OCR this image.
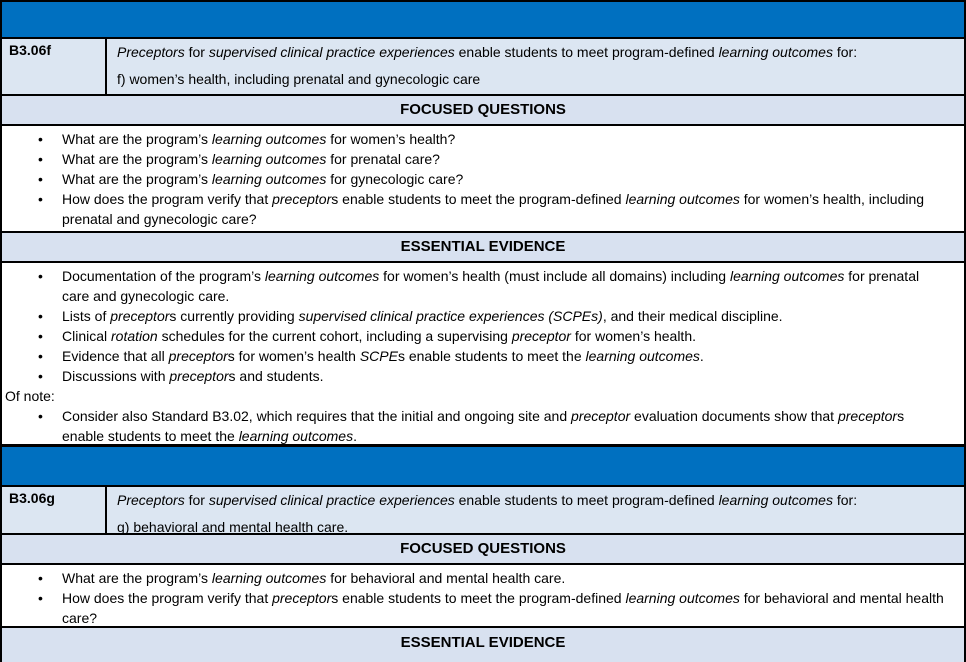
B3.06f	Preceptors for supervised clinical practice experiences enable students to meet program-defined learning outcomes for:

f) women’s health, including prenatal and gynecologic care

FOCUSED QUESTIONS
• What are the program’s learning outcomes for women’s health?
• What are the program’s learning outcomes for prenatal care?
• What are the program’s learning outcomes for gynecologic care?
• How does the program verify that preceptors enable students to meet the program-defined learning outcomes for women’s health, including prenatal and gynecologic care?
ESSENTIAL EVIDENCE
• Documentation of the program’s learning outcomes for women’s health (must include all domains) including learning outcomes for prenatal care and gynecologic care.
• Lists of preceptors currently providing supervised clinical practice experiences (SCPEs), and their medical discipline.
• Clinical rotation schedules for the current cohort, including a supervising preceptor for women’s health.
• Evidence that all preceptors for women’s health SCPEs enable students to meet the learning outcomes.
• Discussions with preceptors and students.
Of note:
• Consider also Standard B3.02, which requires that the initial and ongoing site and preceptor evaluation documents show that preceptors enable students to meet the learning outcomes.
B3.06g	Preceptors for supervised clinical practice experiences enable students to meet program-defined learning outcomes for:

g) behavioral and mental health care.

FOCUSED QUESTIONS
• What are the program’s learning outcomes for behavioral and mental health care.
• How does the program verify that preceptors enable students to meet the program-defined learning outcomes for behavioral and mental health care?
ESSENTIAL EVIDENCE
